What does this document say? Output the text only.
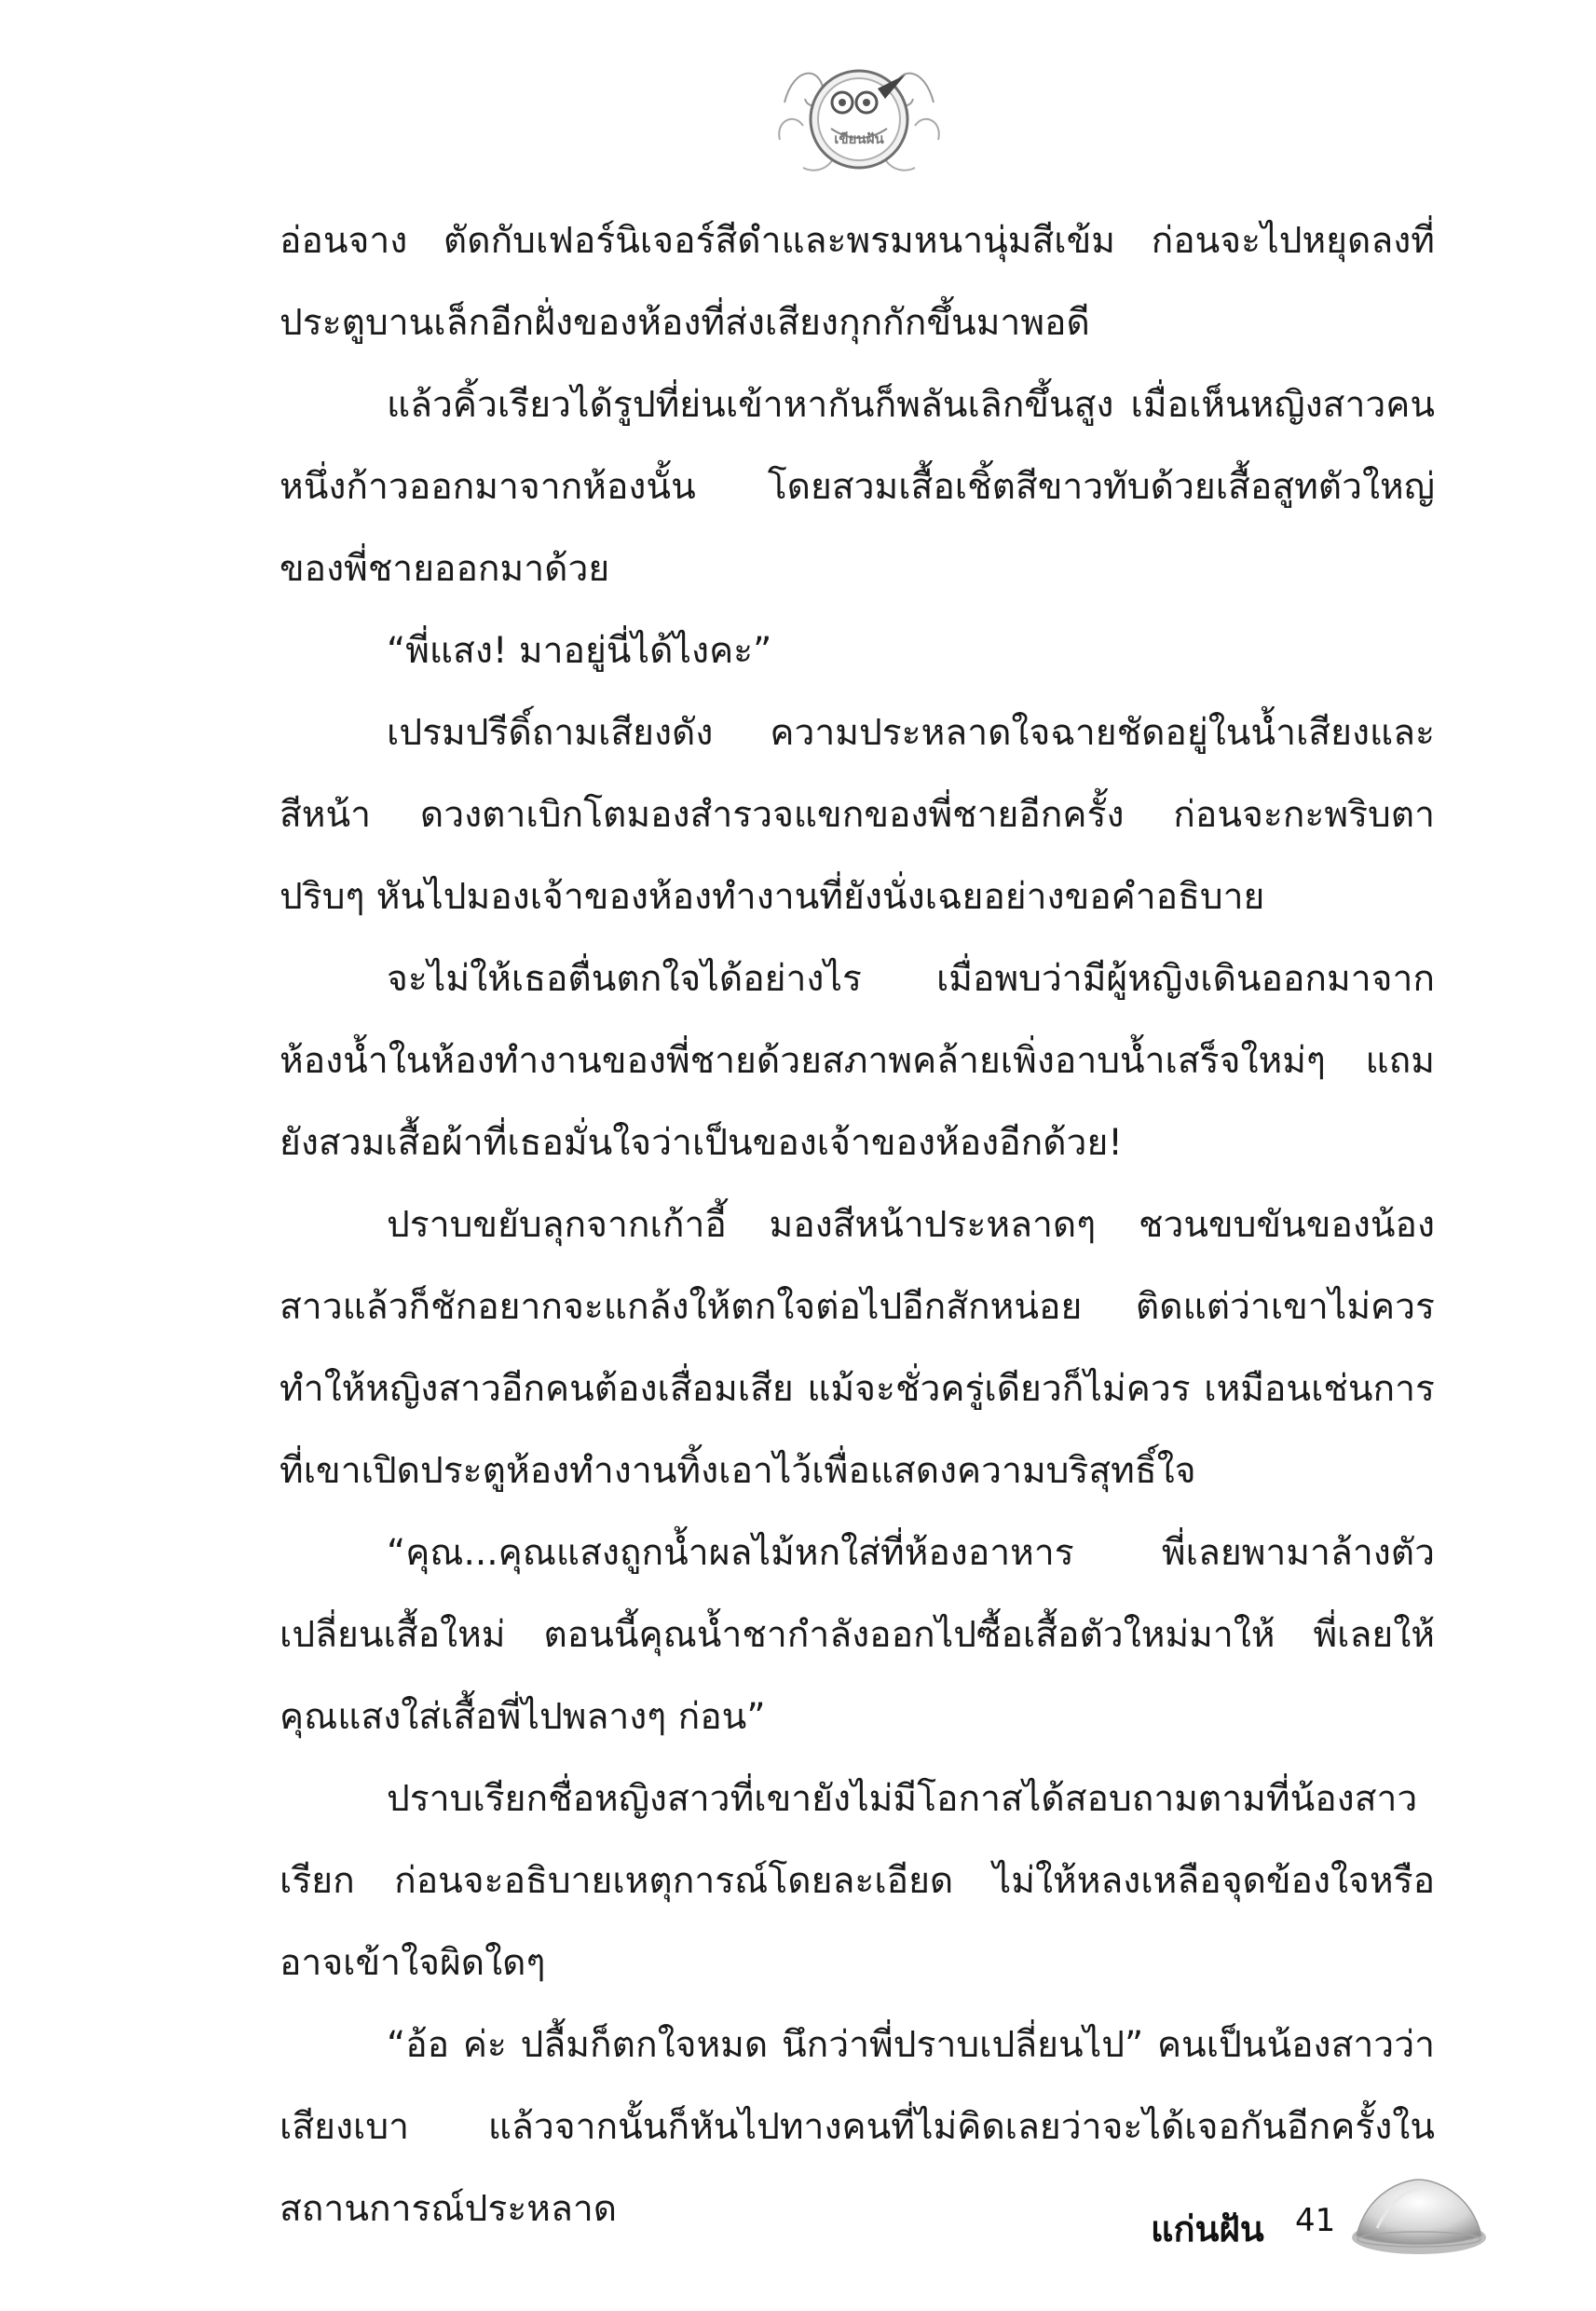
เขียนฝัน

อ่อนจาง ตัดกับเฟอร์นิเจอร์สีดำและพรมหนานุ่มสีเข้ม ก่อนจะไปหยุดลงที่ประตูบานเล็กอีกฝั่งของห้องที่ส่งเสียงกุกกักขึ้นมาพอดี

แล้วคิ้วเรียวได้รูปที่ย่นเข้าหากันก็พลันเลิกขึ้นสูง เมื่อเห็นหญิงสาวคนหนึ่งก้าวออกมาจากห้องนั้น โดยสวมเสื้อเชิ้ตสีขาวทับด้วยเสื้อสูทตัวใหญ่ของพี่ชายออกมาด้วย

“พี่แสง! มาอยู่นี่ได้ไงคะ”

เปรมปรีดิ์ถามเสียงดัง ความประหลาดใจฉายชัดอยู่ในน้ำเสียงและสีหน้า ดวงตาเบิกโตมองสำรวจแขกของพี่ชายอีกครั้ง ก่อนจะกะพริบตาปริบๆ หันไปมองเจ้าของห้องทำงานที่ยังนั่งเฉยอย่างขอคำอธิบาย

จะไม่ให้เธอตื่นตกใจได้อย่างไร เมื่อพบว่ามีผู้หญิงเดินออกมาจากห้องน้ำในห้องทำงานของพี่ชายด้วยสภาพคล้ายเพิ่งอาบน้ำเสร็จใหม่ๆ แถมยังสวมเสื้อผ้าที่เธอมั่นใจว่าเป็นของเจ้าของห้องอีกด้วย!

ปราบขยับลุกจากเก้าอี้ มองสีหน้าประหลาดๆ ชวนขบขันของน้องสาวแล้วก็ชักอยากจะแกล้งให้ตกใจต่อไปอีกสักหน่อย ติดแต่ว่าเขาไม่ควรทำให้หญิงสาวอีกคนต้องเสื่อมเสีย แม้จะชั่วครู่เดียวก็ไม่ควร เหมือนเช่นการที่เขาเปิดประตูห้องทำงานทิ้งเอาไว้เพื่อแสดงความบริสุทธิ์ใจ

“คุณ...คุณแสงถูกน้ำผลไม้หกใส่ที่ห้องอาหาร พี่เลยพามาล้างตัวเปลี่ยนเสื้อใหม่ ตอนนี้คุณน้ำชากำลังออกไปซื้อเสื้อตัวใหม่มาให้ พี่เลยให้คุณแสงใส่เสื้อพี่ไปพลางๆ ก่อน”

ปราบเรียกชื่อหญิงสาวที่เขายังไม่มีโอกาสได้สอบถามตามที่น้องสาวเรียก ก่อนจะอธิบายเหตุการณ์โดยละเอียด ไม่ให้หลงเหลือจุดข้องใจหรืออาจเข้าใจผิดใดๆ

“อ้อ ค่ะ ปลื้มก็ตกใจหมด นึกว่าพี่ปราบเปลี่ยนไป” คนเป็นน้องสาวว่าเสียงเบา แล้วจากนั้นก็หันไปทางคนที่ไม่คิดเลยว่าจะได้เจอกันอีกครั้งในสถานการณ์ประหลาด	แก่นฝัน 41
